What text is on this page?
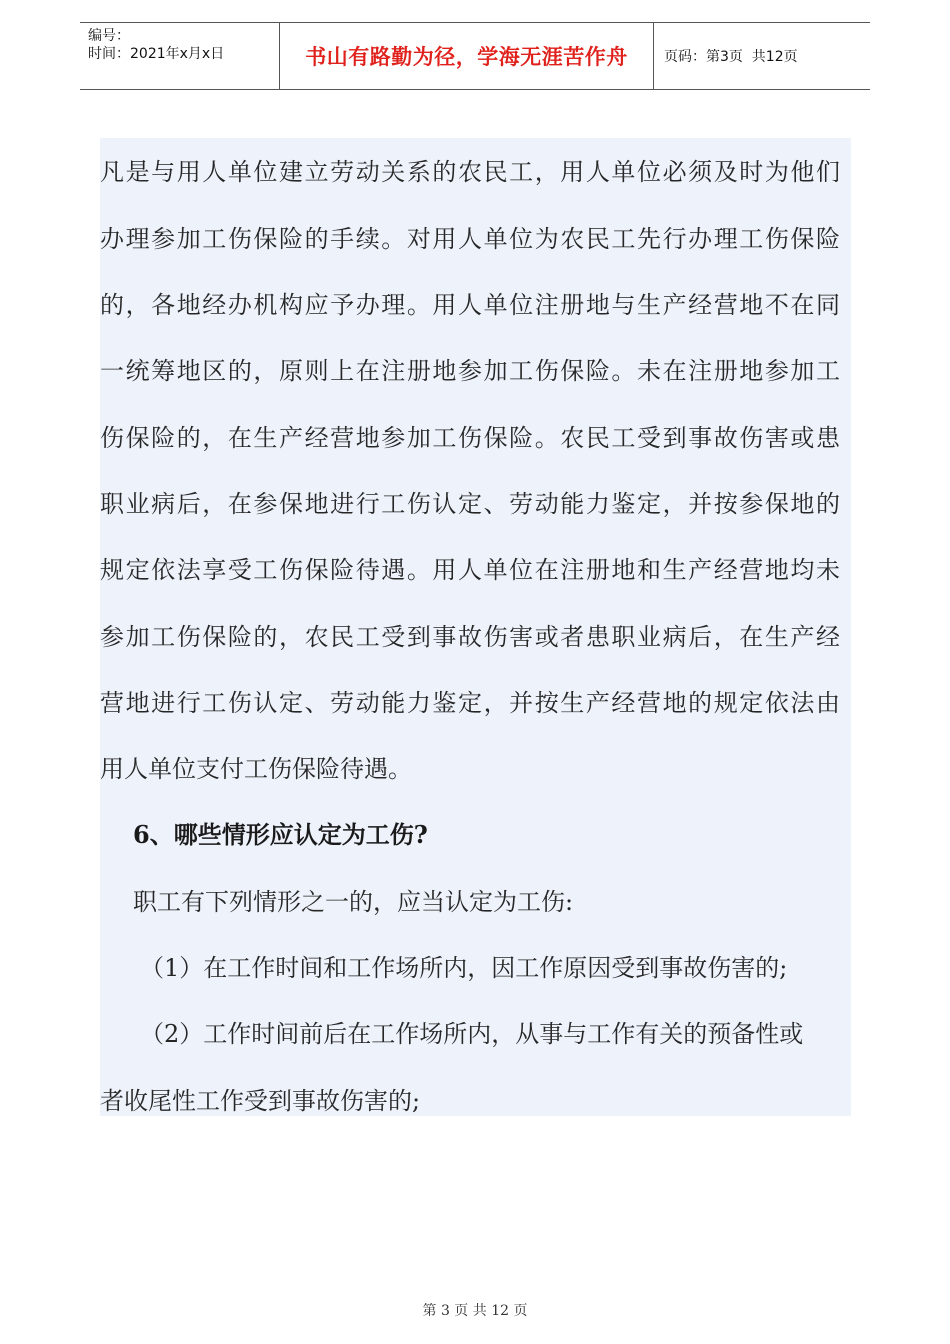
编号：
时间：2021年x月x日	书山有路勤为径，学海无涯苦作舟	页码：第3页  共12页
凡是与用人单位建立劳动关系的农民工，用人单位必须及时为他们
办理参加工伤保险的手续。对用人单位为农民工先行办理工伤保险
的，各地经办机构应予办理。用人单位注册地与生产经营地不在同
一统筹地区的，原则上在注册地参加工伤保险。未在注册地参加工
伤保险的，在生产经营地参加工伤保险。农民工受到事故伤害或患
职业病后，在参保地进行工伤认定、劳动能力鉴定，并按参保地的
规定依法享受工伤保险待遇。用人单位在注册地和生产经营地均未
参加工伤保险的，农民工受到事故伤害或者患职业病后，在生产经
营地进行工伤认定、劳动能力鉴定，并按生产经营地的规定依法由
用人单位支付工伤保险待遇。
6、哪些情形应认定为工伤?
职工有下列情形之一的，应当认定为工伤:
（1）在工作时间和工作场所内，因工作原因受到事故伤害的;
（2）工作时间前后在工作场所内，从事与工作有关的预备性或
者收尾性工作受到事故伤害的;
第 3 页 共 12 页
